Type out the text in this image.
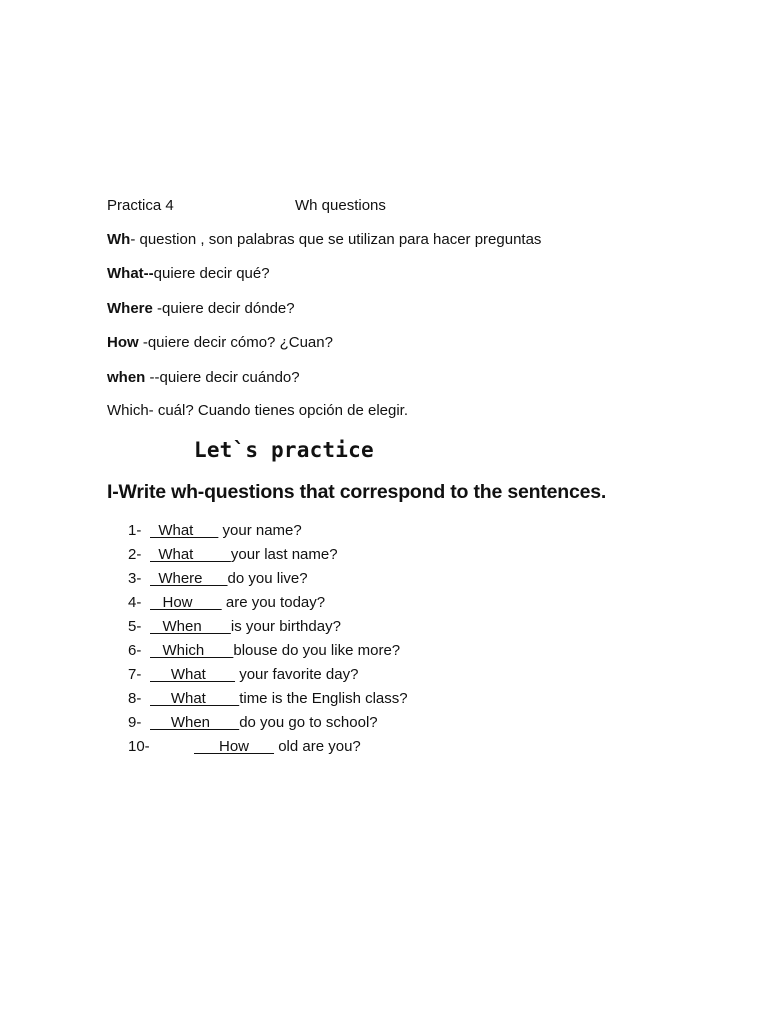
Practica 4	Wh questions
Wh- question , son palabras que se utilizan para hacer preguntas
What--quiere decir qué?
Where -quiere decir dónde?
How -quiere decir cómo? ¿Cuan?
when --quiere decir cuándo?
Which- cuál? Cuando tienes opción de elegir.
Let`s practice
I-Write wh-questions that correspond to the sentences.
1-  What       your name?
2-  What         your last name?
3-  Where      do you live?
4-   How        are you today?
5-   When       is your birthday?
6-   Which       blouse do you like more?
7-     What        your favorite day?
8-     What        time is the English class?
9-     When       do you go to school?
10-	How       old are you?
